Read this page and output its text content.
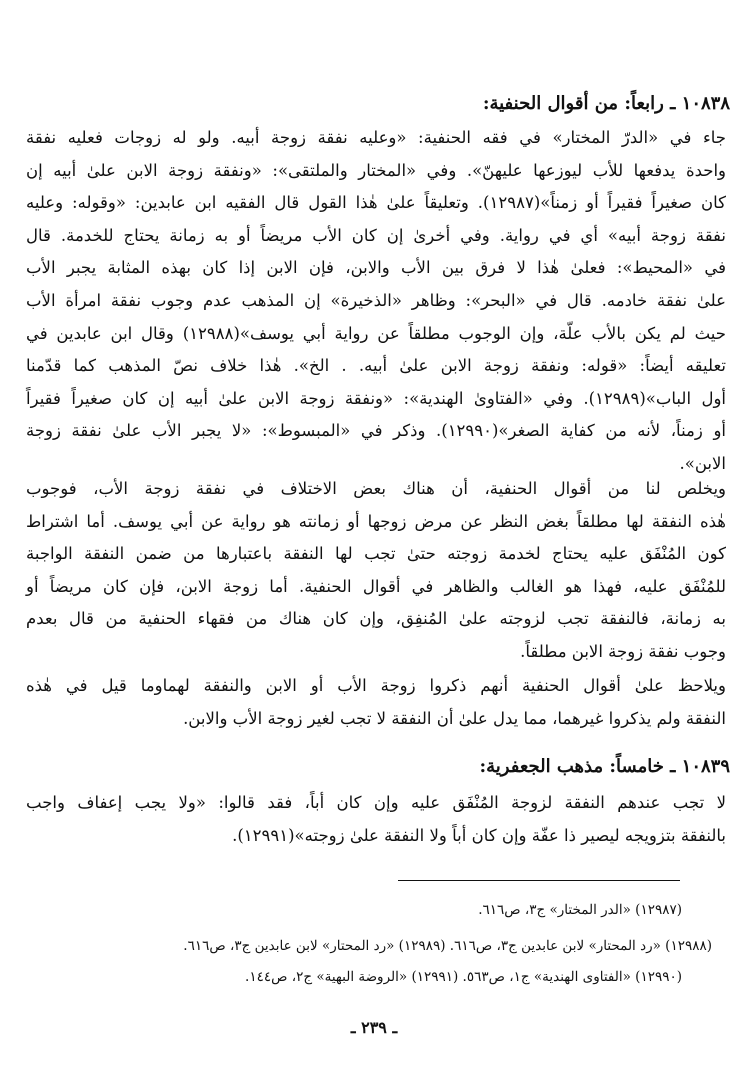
١٠٨٣٨ ـ رابعاً: من أقوال الحنفية:
جاء في «الدرّ المختار» في فقه الحنفية: «وعليه نفقة زوجة أبيه. ولو له زوجات فعليه نفقة
واحدة يدفعها للأب ليوزعها عليهنّ». وفي «المختار والملتقى»: «ونفقة زوجة الابن علىٰ أبيه إن
كان صغيراً فقيراً أو زمناً»(١٢٩٨٧). وتعليقاً علىٰ هٰذا القول قال الفقيه ابن عابدين: «وقوله: وعليه
نفقة زوجة أبيه» أي في رواية. وفي أخرىٰ إن كان الأب مريضاً أو به زمانة يحتاج للخدمة. قال
في «المحيط»: فعلىٰ هٰذا لا فرق بين الأب والابن، فإن الابن إذا كان بهذه المثابة يجبر الأب
علىٰ نفقة خادمه. قال في «البحر»: وظاهر «الذخيرة» إن المذهب عدم وجوب نفقة امرأة الأب
حيث لم يكن بالأب علّة، وإن الوجوب مطلقاً عن رواية أبي يوسف»(١٢٩٨٨) وقال ابن عابدين في
تعليقه أيضاً: «قوله: ونفقة زوجة الابن علىٰ أبيه. . الخ». هٰذا خلاف نصّ المذهب كما قدّمنا
أول الباب»(١٢٩٨٩). وفي «الفتاوىٰ الهندية»: «ونفقة زوجة الابن علىٰ أبيه إن كان صغيراً فقيراً
أو زمناً، لأنه من كفاية الصغر»(١٢٩٩٠). وذكر في «المبسوط»: «لا يجبر الأب علىٰ نفقة زوجة
الابن».
ويخلص لنا من أقوال الحنفية، أن هناك بعض الاختلاف في نفقة زوجة الأب، فوجوب
هٰذه النفقة لها مطلقاً بغض النظر عن مرض زوجها أو زمانته هو رواية عن أبي يوسف. أما اشتراط
كون المُنْفَق عليه يحتاج لخدمة زوجته حتىٰ تجب لها النفقة باعتبارها من ضمن النفقة الواجبة
للمُنْفَق عليه، فهذا هو الغالب والظاهر في أقوال الحنفية. أما زوجة الابن، فإن كان مريضاً أو
به زمانة، فالنفقة تجب لزوجته علىٰ المُنفِق، وإن كان هناك من فقهاء الحنفية من قال بعدم
وجوب نفقة زوجة الابن مطلقاً.
ويلاحظ علىٰ أقوال الحنفية أنهم ذكروا زوجة الأب أو الابن والنفقة لهماوما قيل في هٰذه
النفقة ولم يذكروا غيرهما، مما يدل علىٰ أن النفقة لا تجب لغير زوجة الأب والابن.
١٠٨٣٩ ـ خامساً: مذهب الجعفرية:
لا تجب عندهم النفقة لزوجة المُنْفَق عليه وإن كان أباً، فقد قالوا: «ولا يجب إعفاف واجب
بالنفقة بتزويجه ليصير ذا عفّة وإن كان أباً ولا النفقة علىٰ زوجته»(١٢٩٩١).
(١٢٩٨٧) «الدر المختار» ج٣، ص٦١٦.
(١٢٩٨٨) «رد المحتار» لابن عابدين ج٣، ص٦١٦. (١٢٩٨٩) «رد المحتار» لابن عابدين ج٣، ص٦١٦.
(١٢٩٩٠) «الفتاوى الهندية» ج١، ص٥٦٣. (١٢٩٩١) «الروضة البهية» ج٢، ص١٤٤.
ـ ٢٣٩ ـ
